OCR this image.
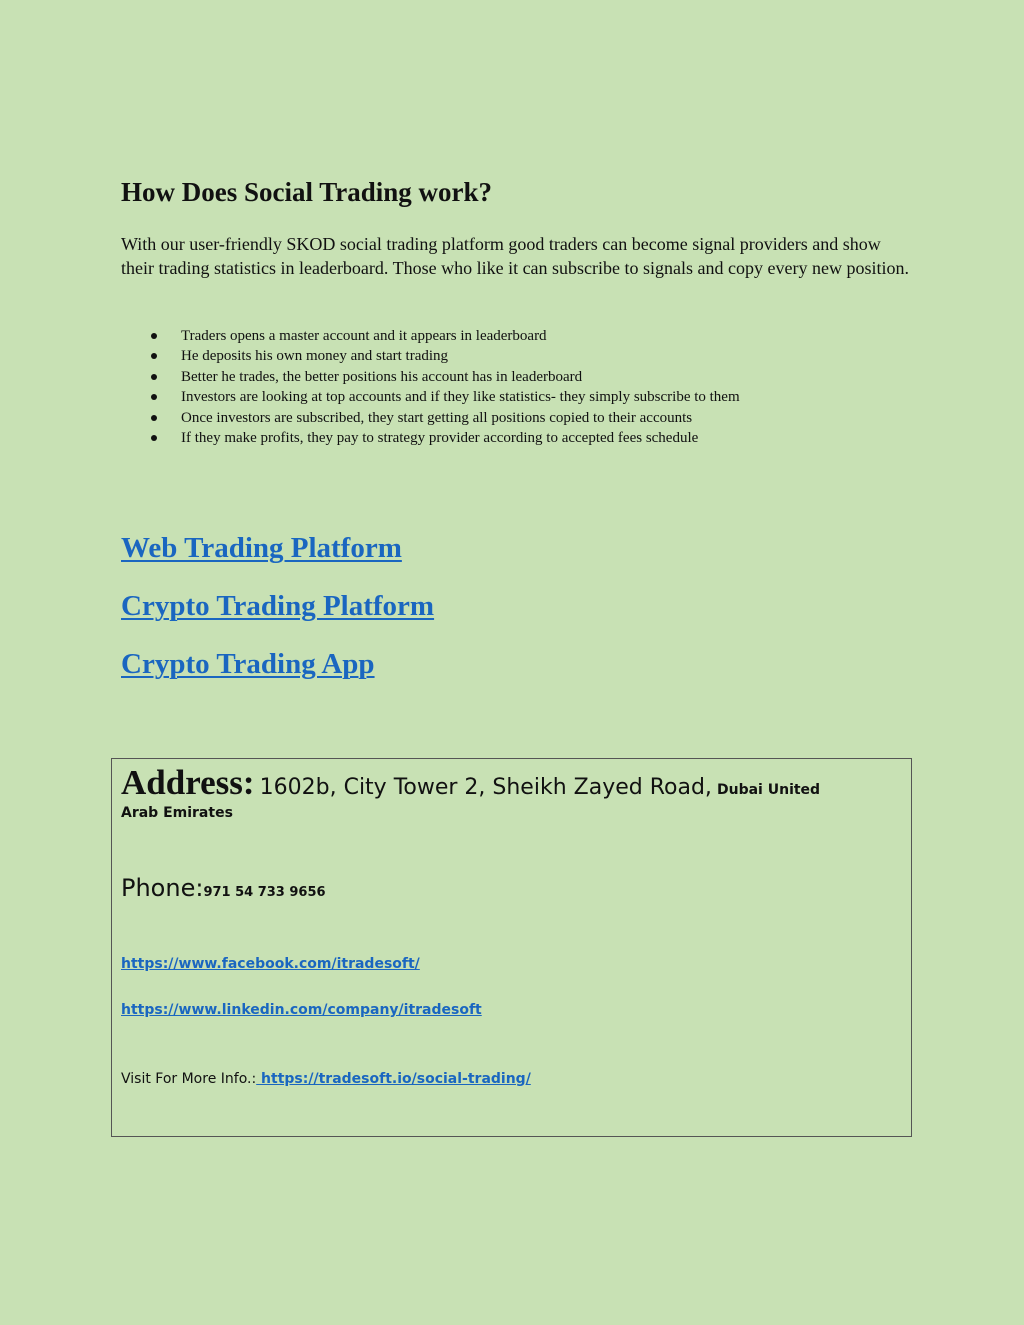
How Does Social Trading work?

With our user-friendly SKOD social trading platform good traders can become signal providers and show their trading statistics in leaderboard. Those who like it can subscribe to signals and copy every new position.

Traders opens a master account and it appears in leaderboard
He deposits his own money and start trading
Better he trades, the better positions his account has in leaderboard
Investors are looking at top accounts and if they like statistics- they simply subscribe to them
Once investors are subscribed, they start getting all positions copied to their accounts
If they make profits, they pay to strategy provider according to accepted fees schedule
Web Trading Platform
Crypto Trading Platform
Crypto Trading App
Address: 1602b, City Tower 2, Sheikh Zayed Road, Dubai United
Arab Emirates
Phone:971 54 733 9656
https://www.facebook.com/itradesoft/
https://www.linkedin.com/company/itradesoft
Visit For More Info.: https://tradesoft.io/social-trading/
